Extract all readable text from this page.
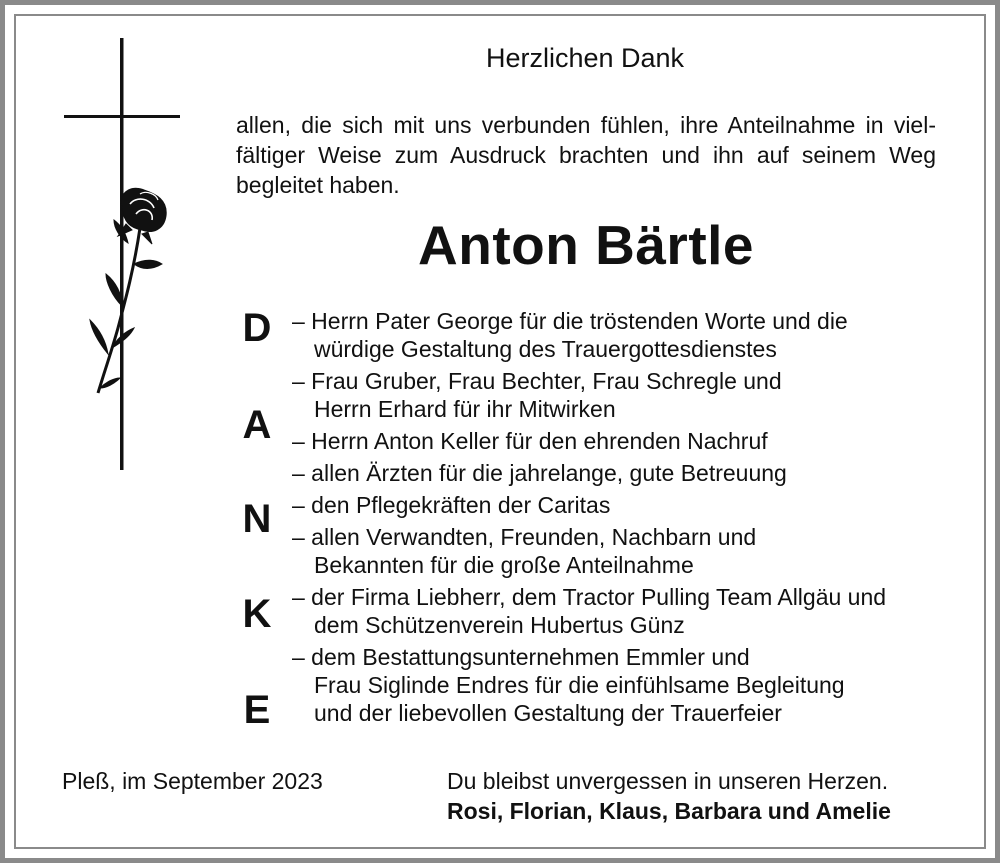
Herzlichen Dank
allen, die sich mit uns verbunden fühlen, ihre Anteilnahme in viel-
fältiger Weise zum Ausdruck brachten und ihn auf seinem Weg
begleitet haben.
Anton Bärtle
D
A
N
K
E
– Herrn Pater George für die tröstenden Worte und die
würdige Gestaltung des Trauergottesdienstes
– Frau Gruber, Frau Bechter, Frau Schregle und
Herrn Erhard für ihr Mitwirken
– Herrn Anton Keller für den ehrenden Nachruf
– allen Ärzten für die jahrelange, gute Betreuung
– den Pflegekräften der Caritas
– allen Verwandten, Freunden, Nachbarn und
Bekannten für die große Anteilnahme
– der Firma Liebherr, dem Tractor Pulling Team Allgäu und
dem Schützenverein Hubertus Günz
– dem Bestattungsunternehmen Emmler und
Frau Siglinde Endres für die einfühlsame Begleitung
und der liebevollen Gestaltung der Trauerfeier
Pleß, im September 2023	Du bleibst unvergessen in unseren Herzen.
Rosi, Florian, Klaus, Barbara und Amelie
